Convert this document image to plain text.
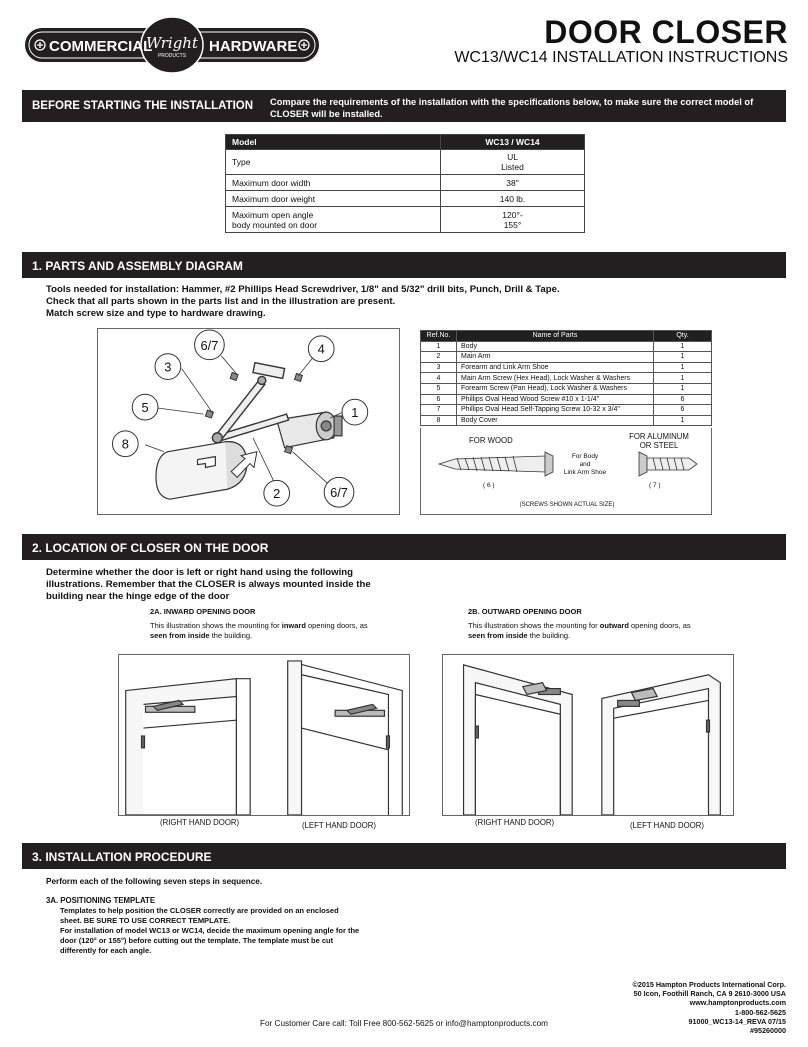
COMMERCIAL
Wright
PRODUCTS
HARDWARE	DOOR CLOSER
WC13/WC14 INSTALLATION INSTRUCTIONS
BEFORE STARTING THE INSTALLATION Compare the requirements of the installation with the specifications below, to make sure the correct model of CLOSER will be installed.
Model	WC13 / WC14
Type	UL
Listed
Maximum door width	38"
Maximum door weight	140 lb.
Maximum open angle
body mounted on door	120°-
155°
1. PARTS AND ASSEMBLY DIAGRAM
Tools needed for installation: Hammer, #2 Phillips Head Screwdriver, 1/8" and 5/32" drill bits, Punch, Drill & Tape.
Check that all parts shown in the parts list and in the illustration are present.
Match screw size and type to hardware drawing.
3
6/7	4
5	1
8
2	6/7
Ref.No.	Name of Parts	Qty.
1	Body	1
2	Main Arm	1
3	Forearm and Link Arm Shoe	1
4	Main Arm Screw (Hex Head), Lock Washer & Washers	1
5	Forearm Screw (Pan Head), Lock Washer & Washers	1
6	Phillips Oval Head Wood Screw #10 x 1-1/4"	6
7	Phillips Oval Head Self-Tapping Screw 10-32 x 3/4"	6
8	Body Cover	1
FOR WOOD	FOR ALUMINUM
OR STEEL
For Body
and
Link Arm Shoe
( 6 )	( 7 )
(SCREWS SHOWN ACTUAL SIZE)
2. LOCATION OF CLOSER ON THE DOOR
Determine whether the door is left or right hand using the following illustrations. Remember that the CLOSER is always mounted inside the building near the hinge edge of the door
2A. INWARD OPENING DOOR
This illustration shows the mounting for inward opening doors, as
seen from inside the building.
2B. OUTWARD OPENING DOOR
This illustration shows the mounting for outward opening doors, as
seen from inside the building.
(RIGHT HAND DOOR)	(LEFT HAND DOOR)	(RIGHT HAND DOOR)	(LEFT HAND DOOR)
3. INSTALLATION PROCEDURE
Perform each of the following seven steps in sequence.
3A. POSITIONING TEMPLATE
Templates to help position the CLOSER correctly are provided on an enclosed sheet. BE SURE TO USE CORRECT TEMPLATE.
For installation of model WC13 or WC14, decide the maximum opening angle for the door (120° or 155°) before cutting out the template. The template must be cut differently for each angle.
©2015 Hampton Products International Corp.
50 Icon, Foothill Ranch, CA 9 2610-3000 USA
www.hamptonproducts.com
1-800-562-5625
91000_WC13-14_REVA 07/15
#95260000
For Customer Care call: Toll Free 800-562-5625 or info@hamptonproducts.com
